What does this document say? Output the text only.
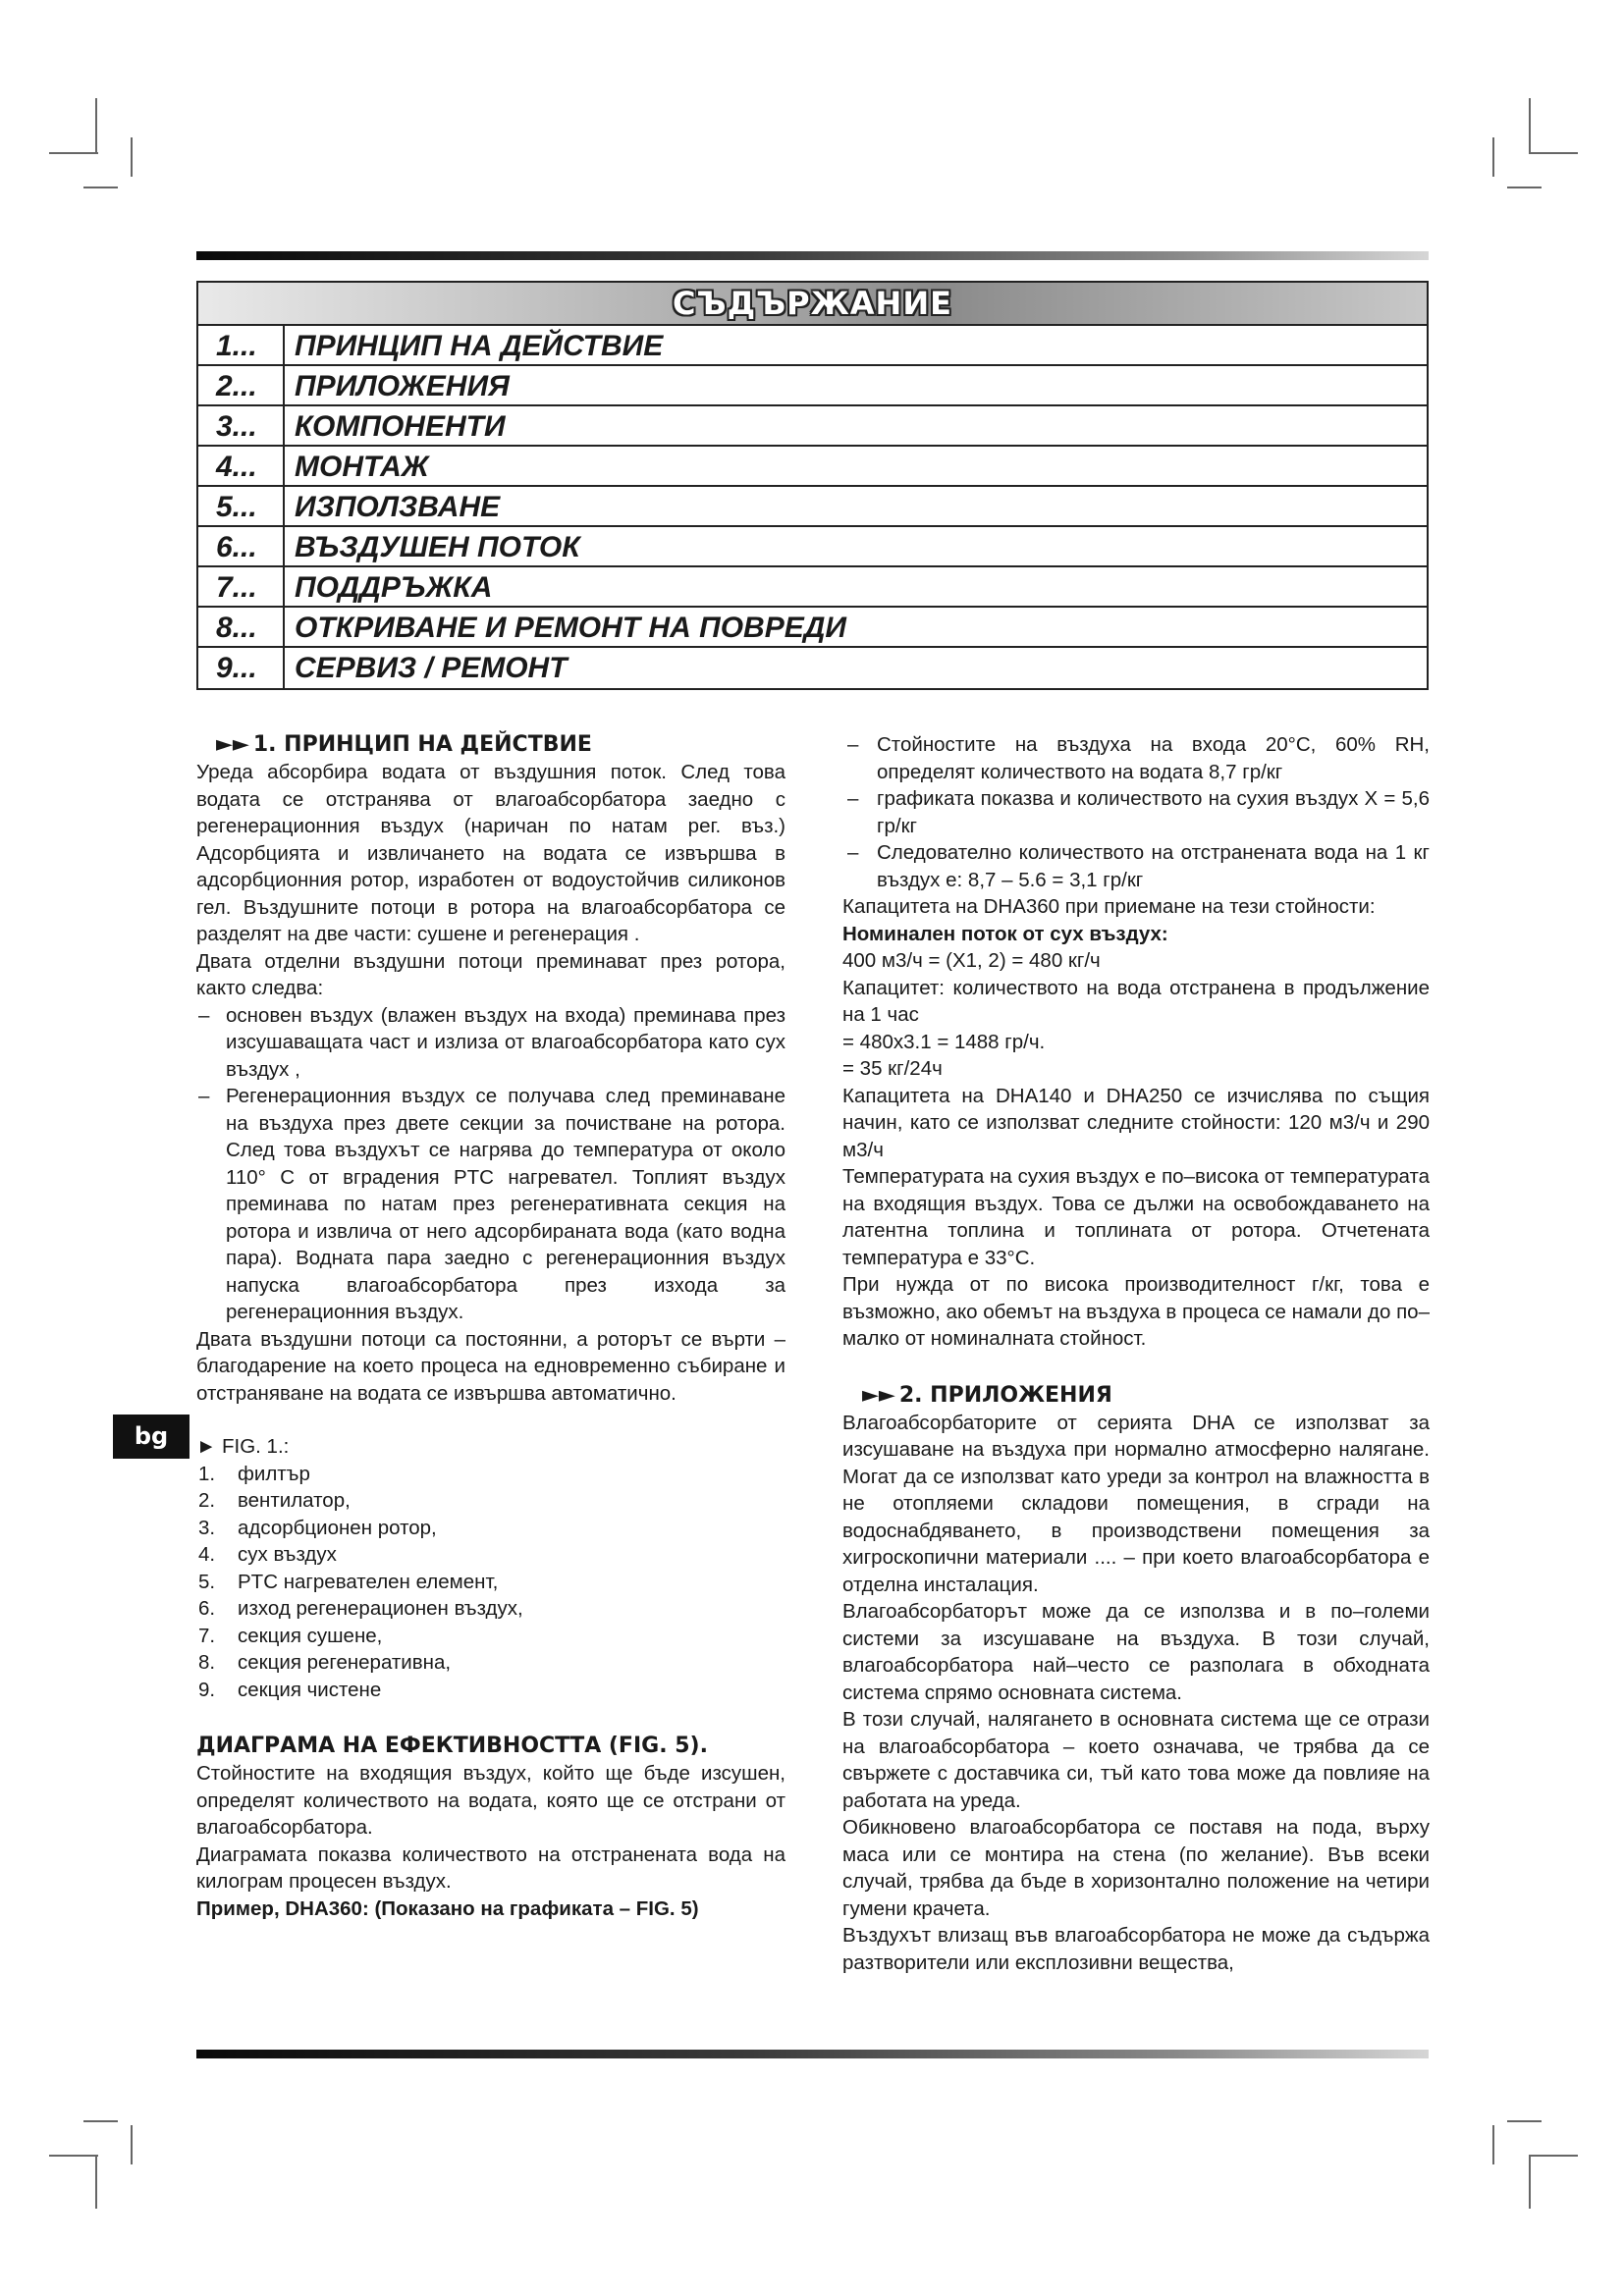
СЪДЪРЖАНИЕ
1...	ПРИНЦИП НА ДЕЙСТВИЕ
2...	ПРИЛОЖЕНИЯ
3...	КОМПОНЕНТИ
4...	МОНТАЖ
5...	ИЗПОЛЗВАНЕ
6...	ВЪЗДУШЕН ПОТОК
7...	ПОДДРЪЖКА
8...	ОТКРИВАНЕ И РЕМОНТ НА ПОВРЕДИ
9...	СЕРВИЗ / РЕМОНТ

►► 1. ПРИНЦИП НА ДЕЙСТВИЕ

Уреда абсорбира водата от въздушния поток. След това водата се отстранява от влагоабсорбатора заедно с регенерационния въздух (наричан по натам рег. въз.) Адсорбцията и извличането на водата се извършва в адсорбционния ротор, изработен от водоустойчив силиконов гел. Въздушните потоци в ротора на влагоабсорбатора се разделят на две части: сушене и регенерация .

Двата отделни въздушни потоци преминават през ротора, както следва:

– основен въздух (влажен въздух на входа) преминава през изсушаващата част и излиза от влагоабсорбатора като сух въздух ,

– Регенерационния въздух се получава след преминаване на въздуха през двете секции за почистване на ротора. След това въздухът се нагрява до температура от около 110° C от вградения PTC нагревател. Топлият въздух преминава по натам през регенеративната секция на ротора и извлича от него адсорбираната вода (като водна пара). Водната пара заедно с регенерационния въздух напуска влагоабсорбатора през изхода за регенерационния въздух.

Двата въздушни потоци са постоянни, а роторът се върти – благодарение на което процеса на едновременно събиране и отстраняване на водата се извършва автоматично.

► FIG. 1.:

1. филтър

2. вентилатор,

3. адсорбционен ротор,

4. сух въздух

5. PTC нагревателен елемент,

6. изход регенерационен въздух,

7. секция сушене,

8. секция регенеративна,

9. секция чистене

ДИАГРАМА НА ЕФЕКТИВНОСТТА (FIG. 5).

Стойностите на входящия въздух, който ще бъде изсушен, определят количеството на водата, която ще се отстрани от влагоабсорбатора.

Диаграмата показва количеството на отстранената вода на килограм процесен въздух.

Пример, DHA360: (Показано на графиката – FIG. 5)

bg

– Стойностите на въздуха на входа 20°C, 60% RH, определят количеството на водата 8,7 гр/кг

– графиката показва и количеството на сухия въздух X = 5,6 гр/кг

– Следователно количеството на отстранената вода на 1 кг въздух е: 8,7 – 5.6 = 3,1 гр/кг

Капацитета на DHA360 при приемане на тези стойности:

Номинален поток от сух въздух:

400 м3/ч = (X1, 2) = 480 кг/ч

Капацитет: количеството на вода отстранена в продължение на 1 час

= 480x3.1 = 1488 гр/ч.

= 35 кг/24ч

Капацитета на DHA140 и DHA250 се изчислява по същия начин, като се използват следните стойности: 120 м3/ч и 290 м3/ч

Температурата на сухия въздух е по–висока от температурата на входящия въздух. Това се дължи на освобождаването на латентна топлина и топлината от ротора. Отчетената температура е 33°C.

При нужда от по висока производителност г/кг, това е възможно, ако обемът на въздуха в процеса се намали до по–малко от номиналната стойност.

►► 2. ПРИЛОЖЕНИЯ

Влагоабсорбаторите от серията DHA се използват за изсушаване на въздуха при нормално атмосферно налягане. Могат да се използват като уреди за контрол на влажността в не отопляеми складови помещения, в сгради на водоснабдяването, в производствени помещения за хигроскопични материали .... – при което влагоабсорбатора е отделна инсталация.

Влагоабсорбаторът може да се използва и в по–големи системи за изсушаване на въздуха. В този случай, влагоабсорбатора най–често се разполага в обходната система спрямо основната система.

В този случай, налягането в основната система ще се отрази на влагоабсорбатора – което означава, че трябва да се свържете с доставчика си, тъй като това може да повлияе на работата на уреда.

Обикновено влагоабсорбатора се поставя на пода, върху маса или се монтира на стена (по желание). Във всеки случай, трябва да бъде в хоризонтално положение на четири гумени крачета.

Въздухът влизащ във влагоабсорбатора не може да съдържа разтворители или експлозивни вещества,
